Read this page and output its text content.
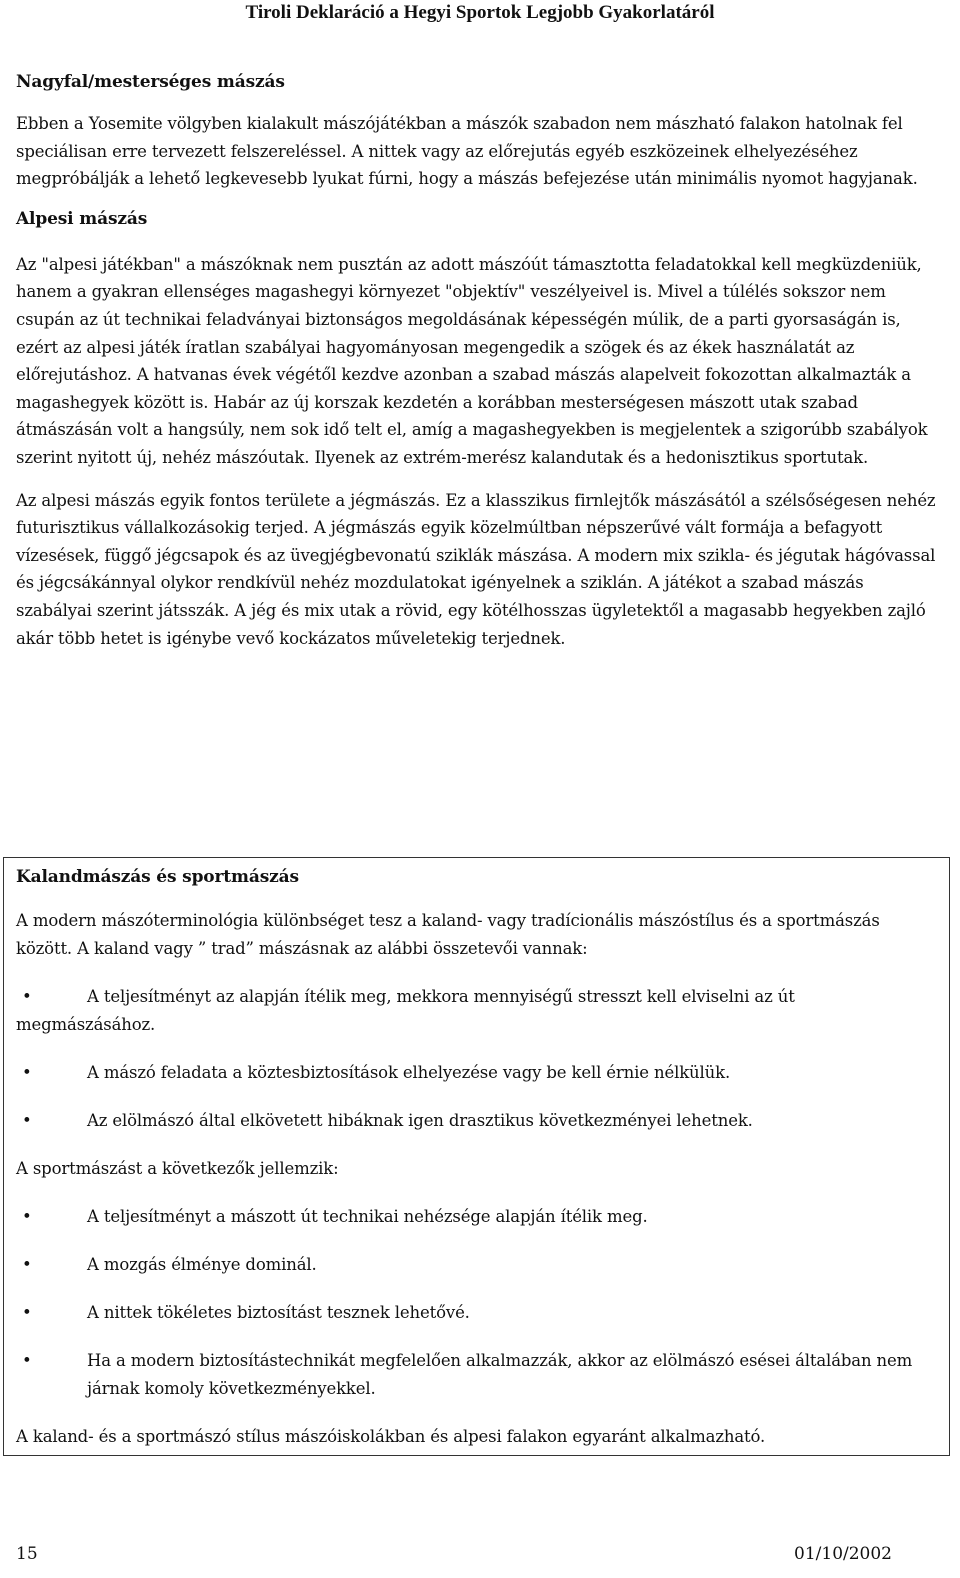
Tiroli Deklaráció a Hegyi Sportok Legjobb Gyakorlatáról
Nagyfal/mesterséges mászás

Ebben a Yosemite völgyben kialakult mászójátékban a mászók szabadon nem mászható falakon hatolnak fel speciálisan erre tervezett felszereléssel. A nittek vagy az előrejutás egyéb eszközeinek elhelyezéséhez megpróbálják a lehető legkevesebb lyukat fúrni, hogy a mászás befejezése után minimális nyomot hagyjanak.

Alpesi mászás

Az "alpesi játékban" a mászóknak nem pusztán az adott mászóút támasztotta feladatokkal kell megküzdeniük, hanem a gyakran ellenséges magashegyi környezet "objektív" veszélyeivel is. Mivel a túlélés sokszor nem csupán az út technikai feladványai biztonságos megoldásának képességén múlik, de a parti gyorsaságán is, ezért az alpesi játék íratlan szabályai hagyományosan megengedik a szögek és az ékek használatát az előrejutáshoz. A hatvanas évek végétől kezdve azonban a szabad mászás alapelveit fokozottan alkalmazták a magashegyek között is. Habár az új korszak kezdetén a korábban mesterségesen mászott utak szabad átmászásán volt a hangsúly, nem sok idő telt el, amíg a magashegyekben is megjelentek a szigorúbb szabályok szerint nyitott új, nehéz mászóutak. Ilyenek az extrém-merész kalandutak és a hedonisztikus sportutak.

Az alpesi mászás egyik fontos területe a jégmászás. Ez a klasszikus firnlejtők mászásától a szélsőségesen nehéz futurisztikus vállalkozásokig terjed. A jégmászás egyik közelmúltban népszerűvé vált formája a befagyott vízesések, függő jégcsapok és az üvegjégbevonatú sziklák mászása. A modern mix szikla- és jégutak hágóvassal és jégcsákánnyal olykor rendkívül nehéz mozdulatokat igényelnek a sziklán. A játékot a szabad mászás szabályai szerint játsszák. A jég és mix utak a rövid, egy kötélhosszas ügyletektől a magasabb hegyekben zajló akár több hetet is igénybe vevő kockázatos műveletekig terjednek.

Kalandmászás és sportmászás

A modern mászóterminológia különbséget tesz a kaland- vagy tradícionális mászóstílus és a sportmászás között. A kaland vagy ” trad” mászásnak az alábbi összetevői vannak:

•	A teljesítményt az alapján ítélik meg, mekkora mennyiségű stresszt kell elviselni az út megmászásához.
•	A mászó feladata a köztesbiztosítások elhelyezése vagy be kell érnie nélkülük.
•	Az elölmászó által elkövetett hibáknak igen drasztikus következményei lehetnek.

A sportmászást a következők jellemzik:

•	A teljesítményt a mászott út technikai nehézsége alapján ítélik meg.
•	A mozgás élménye dominál.
•	A nittek tökéletes biztosítást tesznek lehetővé.
•	Ha a modern biztosítástechnikát megfelelően alkalmazzák, akkor az elölmászó esései általában nem járnak komoly következményekkel.

A kaland- és a sportmászó stílus mászóiskolákban és alpesi falakon egyaránt alkalmazható.

15	01/10/2002
